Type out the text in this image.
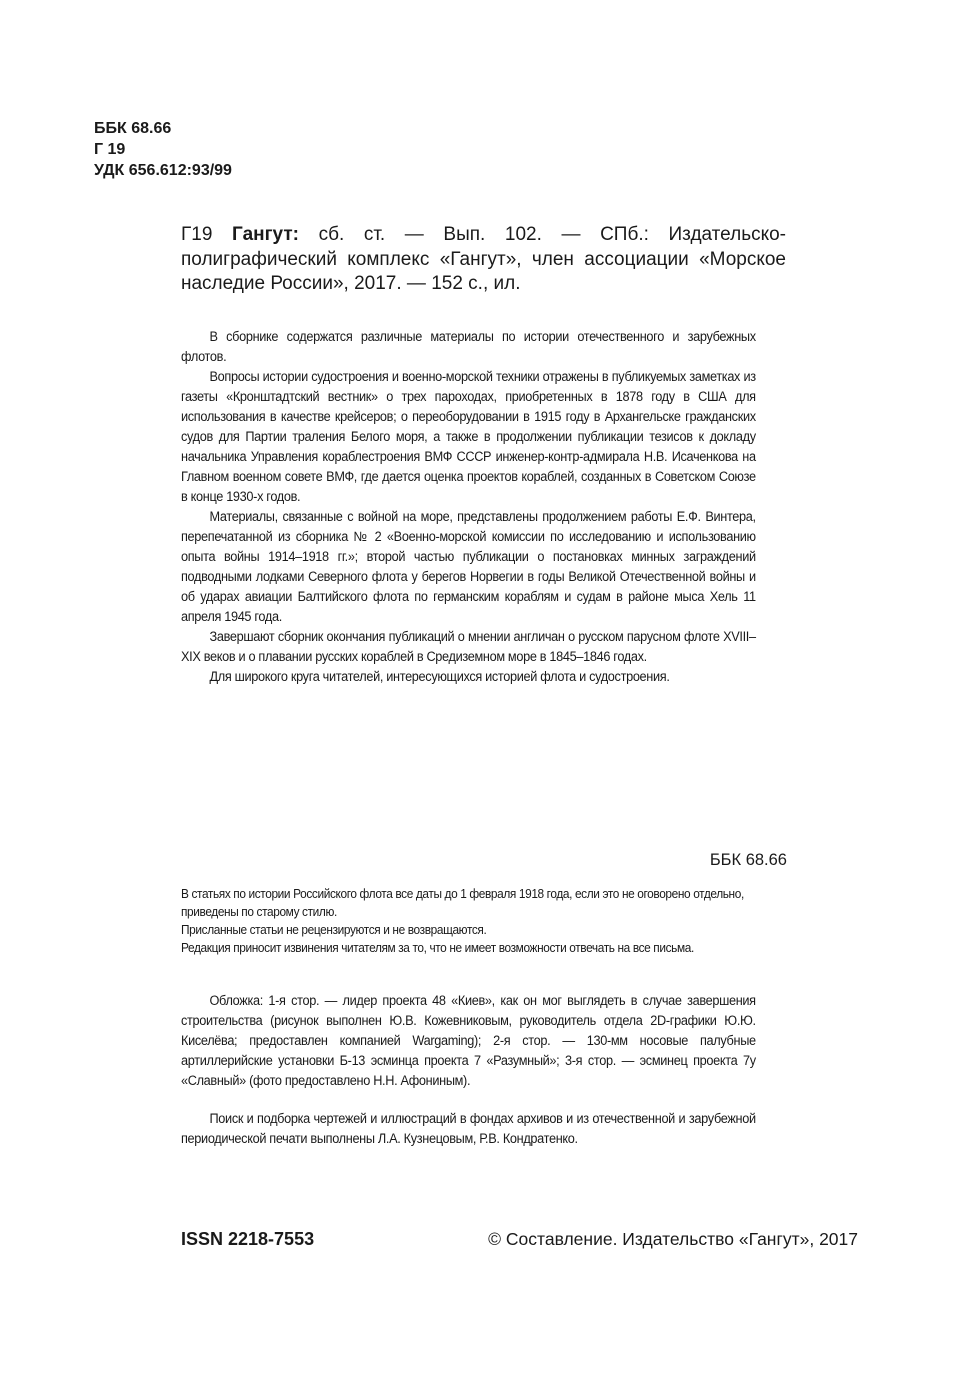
ББК 68.66
Г 19
УДК 656.612:93/99
Г19 Гангут: сб. ст. — Вып. 102. — СПб.: Издательско-полиграфический комплекс «Гангут», член ассоциации «Морское наследие России», 2017. — 152 с., ил.

В сборнике содержатся различные материалы по истории отечественного и зарубежных флотов.

Вопросы истории судостроения и военно-морской техники отражены в публикуемых заметках из газеты «Кронштадтский вестник» о трех пароходах, приобретенных в 1878 году в США для использования в качестве крейсеров; о переоборудовании в 1915 году в Архангельске гражданских судов для Партии траления Белого моря, а также в продолжении публикации тезисов к докладу начальника Управления кораблестроения ВМФ СССР инженер-контр-адмирала Н.В. Исаченкова на Главном военном совете ВМФ, где дается оценка проектов кораблей, созданных в Советском Союзе в конце 1930-х годов.

Материалы, связанные с войной на море, представлены продолжением работы Е.Ф. Винтера, перепечатанной из сборника № 2 «Военно-морской комиссии по исследованию и использованию опыта войны 1914–1918 гг.»; второй частью публикации о постановках минных заграждений подводными лодками Северного флота у берегов Норвегии в годы Великой Отечественной войны и об ударах авиации Балтийского флота по германским кораблям и судам в районе мыса Хель 11 апреля 1945 года.

Завершают сборник окончания публикаций о мнении англичан о русском парусном флоте XVIII–XIX веков и о плавании русских кораблей в Средиземном море в 1845–1846 годах.

Для широкого круга читателей, интересующихся историей флота и судостроения.

ББК 68.66

В статьях по истории Российского флота все даты до 1 февраля 1918 года, если это не оговорено отдельно, приведены по старому стилю.

Присланные статьи не рецензируются и не возвращаются.

Редакция приносит извинения читателям за то, что не имеет возможности отвечать на все письма.

Обложка: 1-я стор. — лидер проекта 48 «Киев», как он мог выглядеть в случае завершения строительства (рисунок выполнен Ю.В. Кожевниковым, руководитель отдела 2D-графики Ю.Ю. Киселёва; предоставлен компанией Wargaming); 2-я стор. — 130-мм носовые палубные артиллерийские установки Б-13 эсминца проекта 7 «Разумный»; 3-я стор. — эсминец проекта 7у «Славный» (фото предоставлено Н.Н. Афониным).

Поиск и подборка чертежей и иллюстраций в фондах архивов и из отечественной и зарубежной периодической печати выполнены Л.А. Кузнецовым, Р.В. Кондратенко.

ISSN 2218-7553	© Составление. Издательство «Гангут», 2017
